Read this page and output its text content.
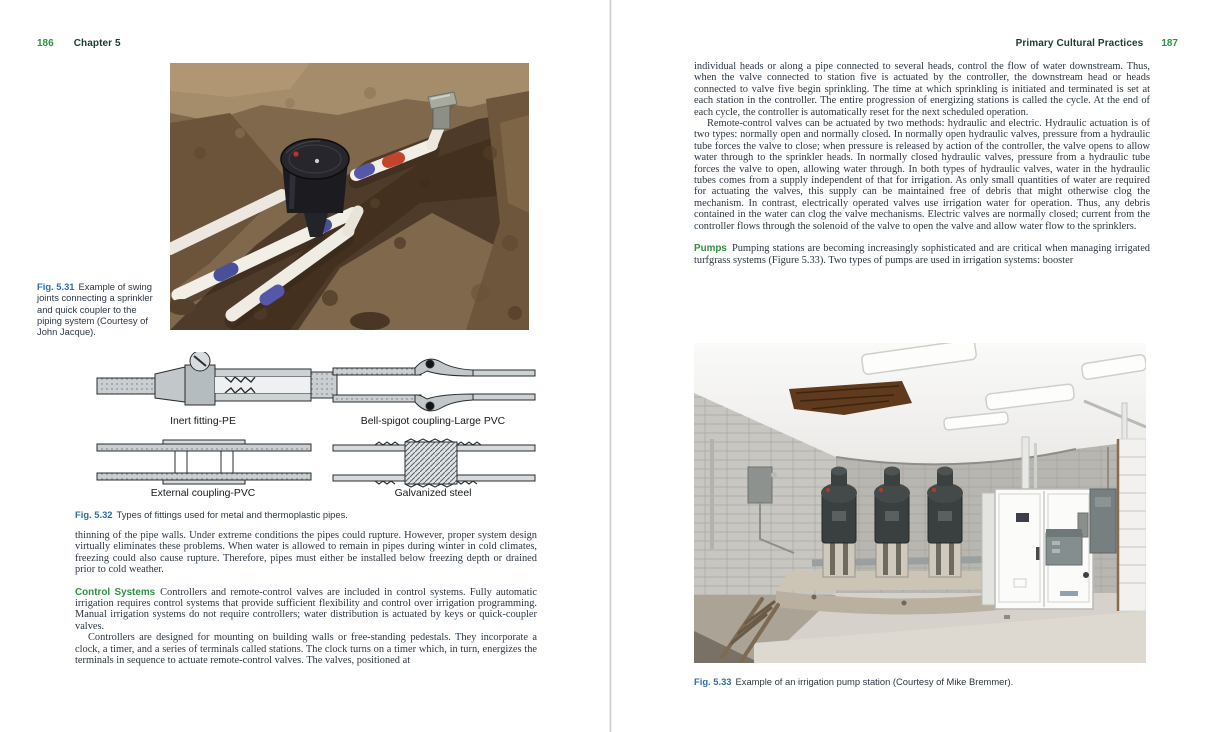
186 Chapter 5
Fig. 5.31 Example of swing joints connecting a sprinkler and quick coupler to the piping system (Courtesy of John Jacque).
Inert fitting-PE	Bell-spigot coupling-Large PVC
External coupling-PVC	Galvanized steel
Fig. 5.32 Types of fittings used for metal and thermoplastic pipes.

thinning of the pipe walls. Under extreme conditions the pipes could rupture. However, proper system design virtually eliminates these problems. When water is allowed to remain in pipes during winter in cold climates, freezing could also cause rupture. Therefore, pipes must either be installed below freezing depth or drained prior to cold weather.

Control Systems Controllers and remote-control valves are included in control systems. Fully automatic irrigation requires control systems that provide sufficient flexibility and control over irrigation programming. Manual irrigation systems do not require controllers; water distribution is actuated by keys or quick-coupler valves.

Controllers are designed for mounting on building walls or free-standing pedestals. They incorporate a clock, a timer, and a series of terminals called stations. The clock turns on a timer which, in turn, energizes the terminals in sequence to actuate remote-control valves. The valves, positioned at

Primary Cultural Practices 187

individual heads or along a pipe connected to several heads, control the flow of water downstream. Thus, when the valve connected to station five is actuated by the controller, the downstream head or heads connected to valve five begin sprinkling. The time at which sprinkling is initiated and terminated is set at each station in the controller. The entire progression of energizing stations is called the cycle. At the end of each cycle, the controller is automatically reset for the next scheduled operation.

Remote-control valves can be actuated by two methods: hydraulic and electric. Hydraulic actuation is of two types: normally open and normally closed. In normally open hydraulic valves, pressure from a hydraulic tube forces the valve to close; when pressure is released by action of the controller, the valve opens to allow water through to the sprinkler heads. In normally closed hydraulic valves, pressure from a hydraulic tube forces the valve to open, allowing water through. In both types of hydraulic valves, water in the hydraulic tubes comes from a supply independent of that for irrigation. As only small quantities of water are required for actuating the valves, this supply can be maintained free of debris that might otherwise clog the mechanism. In contrast, electrically operated valves use irrigation water for operation. Thus, any debris contained in the water can clog the valve mechanisms. Electric valves are normally closed; current from the controller flows through the solenoid of the valve to open the valve and allow water flow to the sprinklers.

Pumps Pumping stations are becoming increasingly sophisticated and are critical when managing irrigated turfgrass systems (Figure 5.33). Two types of pumps are used in irrigation systems: booster

Fig. 5.33 Example of an irrigation pump station (Courtesy of Mike Bremmer).
